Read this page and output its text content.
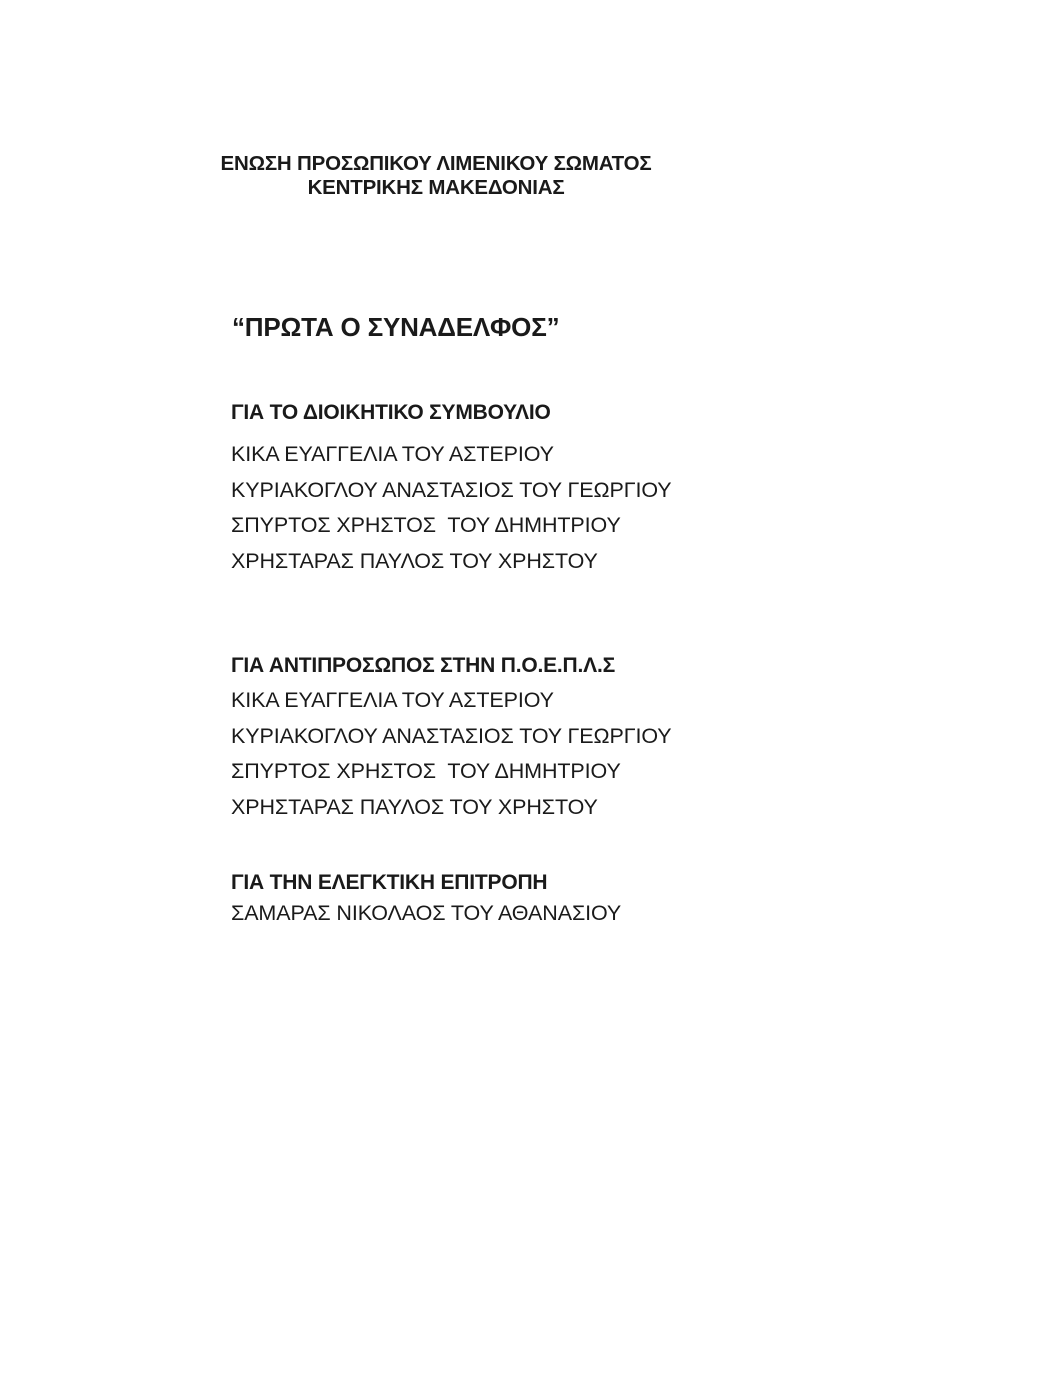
ΕΝΩΣΗ ΠΡΟΣΩΠΙΚΟΥ ΛΙΜΕΝΙΚΟΥ ΣΩΜΑΤΟΣ
ΚΕΝΤΡΙΚΗΣ ΜΑΚΕΔΟΝΙΑΣ
“ΠΡΩΤΑ Ο ΣΥΝΑΔΕΛΦΟΣ”
ΓΙΑ ΤΟ ΔΙΟΙΚΗΤΙΚΟ ΣΥΜΒΟΥΛΙΟ
ΚΙΚΑ ΕΥΑΓΓΕΛΙΑ ΤΟΥ ΑΣΤΕΡΙΟΥ
ΚΥΡΙΑΚΟΓΛΟΥ ΑΝΑΣΤΑΣΙΟΣ ΤΟΥ ΓΕΩΡΓΙΟΥ
ΣΠΥΡΤΟΣ ΧΡΗΣΤΟΣ  ΤΟΥ ΔΗΜΗΤΡΙΟΥ
ΧΡΗΣΤΑΡΑΣ ΠΑΥΛΟΣ ΤΟΥ ΧΡΗΣΤΟΥ
ΓΙΑ ΑΝΤΙΠΡΟΣΩΠΟΣ ΣΤΗΝ Π.Ο.Ε.Π.Λ.Σ
ΚΙΚΑ ΕΥΑΓΓΕΛΙΑ ΤΟΥ ΑΣΤΕΡΙΟΥ
ΚΥΡΙΑΚΟΓΛΟΥ ΑΝΑΣΤΑΣΙΟΣ ΤΟΥ ΓΕΩΡΓΙΟΥ
ΣΠΥΡΤΟΣ ΧΡΗΣΤΟΣ  ΤΟΥ ΔΗΜΗΤΡΙΟΥ
ΧΡΗΣΤΑΡΑΣ ΠΑΥΛΟΣ ΤΟΥ ΧΡΗΣΤΟΥ
ΓΙΑ ΤΗΝ ΕΛΕΓΚΤΙΚΗ ΕΠΙΤΡΟΠΗ
ΣΑΜΑΡΑΣ ΝΙΚΟΛΑΟΣ ΤΟΥ ΑΘΑΝΑΣΙΟΥ
